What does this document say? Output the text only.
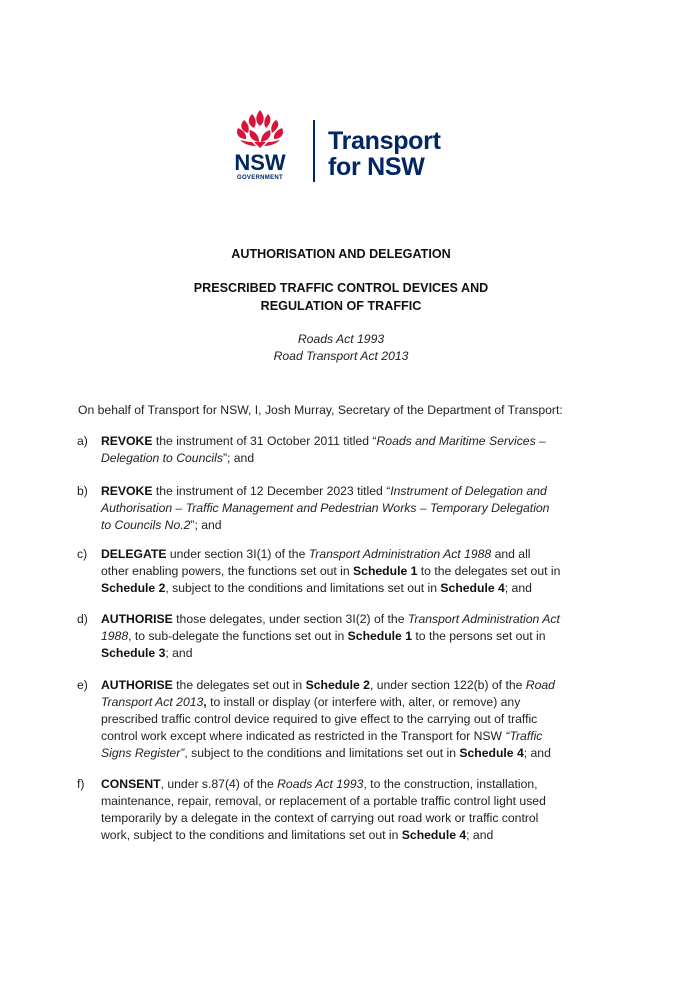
NSW
GOVERNMENT
Transport
for NSW
AUTHORISATION AND DELEGATION
PRESCRIBED TRAFFIC CONTROL DEVICES AND
REGULATION OF TRAFFIC
Roads Act 1993
Road Transport Act 2013
On behalf of Transport for NSW, I, Josh Murray, Secretary of the Department of Transport:
a) REVOKE the instrument of 31 October 2011 titled “Roads and Maritime Services –
Delegation to Councils”; and
b) REVOKE the instrument of 12 December 2023 titled “Instrument of Delegation and
Authorisation – Traffic Management and Pedestrian Works – Temporary Delegation
to Councils No.2”; and
c) DELEGATE under section 3I(1) of the Transport Administration Act 1988 and all
other enabling powers, the functions set out in Schedule 1 to the delegates set out in
Schedule 2, subject to the conditions and limitations set out in Schedule 4; and
d) AUTHORISE those delegates, under section 3I(2) of the Transport Administration Act
1988, to sub-delegate the functions set out in Schedule 1 to the persons set out in
Schedule 3; and
e) AUTHORISE the delegates set out in Schedule 2, under section 122(b) of the Road
Transport Act 2013, to install or display (or interfere with, alter, or remove) any
prescribed traffic control device required to give effect to the carrying out of traffic
control work except where indicated as restricted in the Transport for NSW “Traffic
Signs Register”, subject to the conditions and limitations set out in Schedule 4; and
f) CONSENT, under s.87(4) of the Roads Act 1993, to the construction, installation,
maintenance, repair, removal, or replacement of a portable traffic control light used
temporarily by a delegate in the context of carrying out road work or traffic control
work, subject to the conditions and limitations set out in Schedule 4; and
